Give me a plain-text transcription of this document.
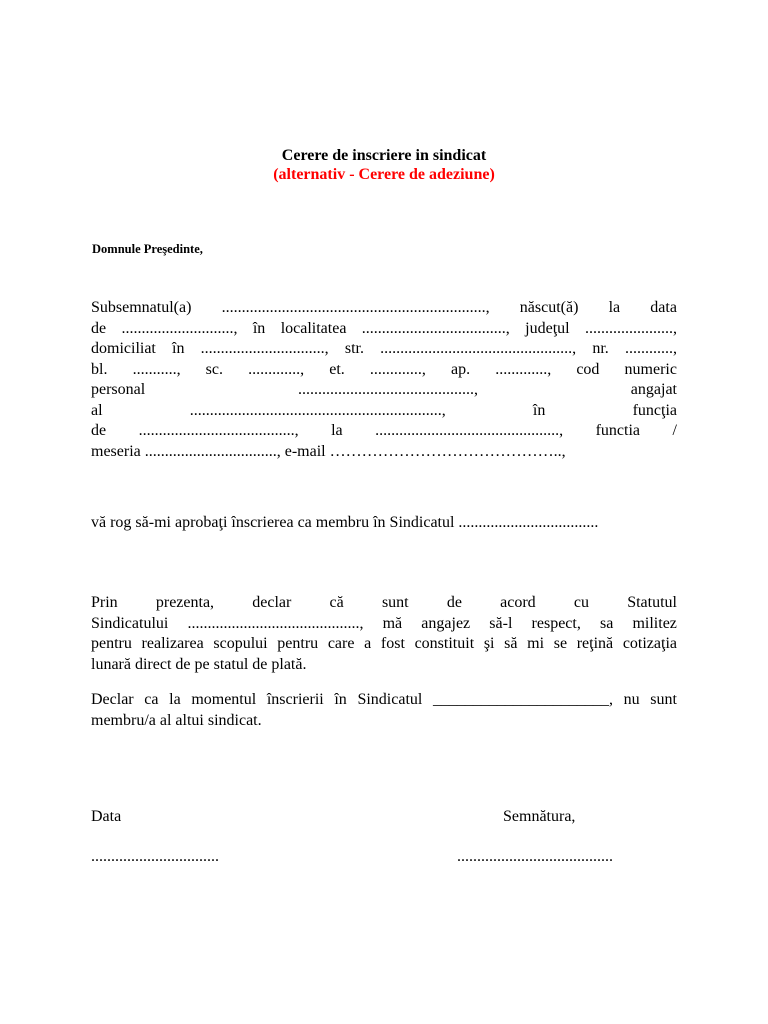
Cerere de inscriere in sindicat
(alternativ - Cerere de adeziune)
Domnule Preşedinte,
Subsemnatul(a) .................................................................., născut(ă) la data
de ............................, în localitatea ...................................., judeţul ......................,
domiciliat în ..............................., str. ................................................, nr. ............,
bl. ..........., sc. ............., et. ............., ap. ............., cod numeric
personal	............................................,	angajat
al	...............................................................,	în	funcţia
de ......................................., la .............................................., functia /
meseria ................................., e-mail ……………………………………..,
vă rog să-mi aprobaţi înscrierea ca membru în Sindicatul ...................................
Prin prezenta, declar că sunt de acord cu Statutul
Sindicatului ..........................................., mă angajez să-l respect, sa militez
pentru realizarea scopului pentru care a fost constituit şi să mi se reţină cotizaţia
lunară direct de pe statul de plată.
Declar ca la momentul înscrierii în Sindicatul ______________________, nu sunt
membru/a al altui sindicat.
Data	Semnătura,
................................	.......................................
